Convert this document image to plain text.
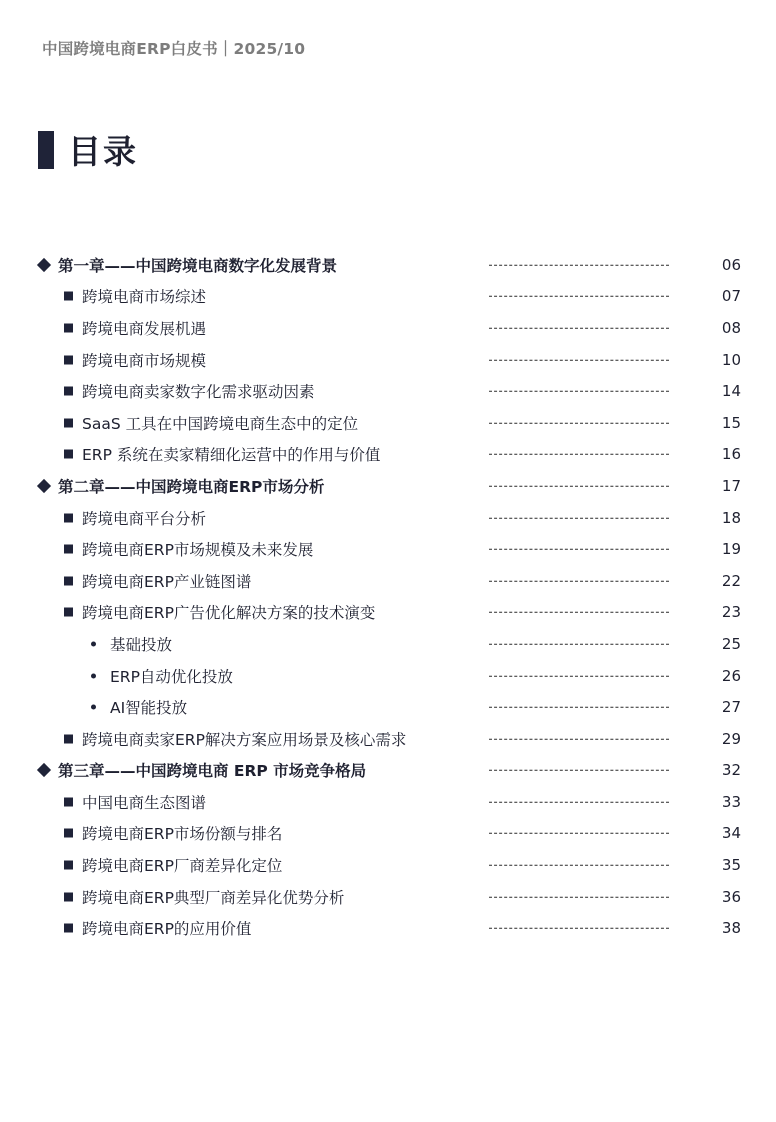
中国跨境电商ERP白皮书｜2025/10
目录
第一章——中国跨境电商数字化发展背景	06
跨境电商市场综述	07
跨境电商发展机遇	08
跨境电商市场规模	10
跨境电商卖家数字化需求驱动因素	14
SaaS 工具在中国跨境电商生态中的定位	15
ERP 系统在卖家精细化运营中的作用与价值	16
第二章——中国跨境电商ERP市场分析	17
跨境电商平台分析	18
跨境电商ERP市场规模及未来发展	19
跨境电商ERP产业链图谱	22
跨境电商ERP广告优化解决方案的技术演变	23
基础投放	25
ERP自动优化投放	26
AI智能投放	27
跨境电商卖家ERP解决方案应用场景及核心需求	29
第三章——中国跨境电商 ERP 市场竞争格局	32
中国电商生态图谱	33
跨境电商ERP市场份额与排名	34
跨境电商ERP厂商差异化定位	35
跨境电商ERP典型厂商差异化优势分析	36
跨境电商ERP的应用价值	38
